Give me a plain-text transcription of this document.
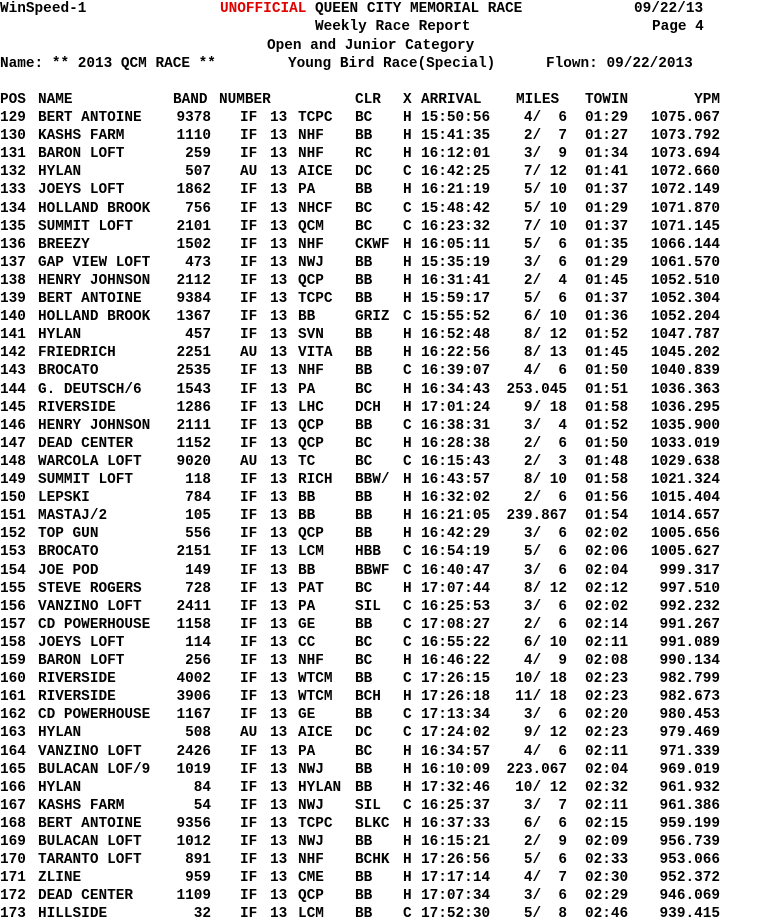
WinSpeed-1	UNOFFICIAL QUEEN CITY MEMORIAL RACE	09/22/13
Weekly Race Report	Page 4
Open and Junior Category
Name: ** 2013 QCM RACE **	Young Bird Race(Special)	Flown: 09/22/2013
POS NAME	BAND NUMBER	CLR X ARRIVAL MILES TOWIN	YPM
129 BERT ANTOINE 9378 IF 13 TCPC BC H 15:50:56 4/  6 01:29 1075.067
130 KASHS FARM	1110 IF 13 NHF BB H 15:41:35 2/  7 01:27 1073.792
131 BARON LOFT	259 IF 13 NHF RC H 16:12:01 3/  9 01:34 1073.694
132 HYLAN	507 AU 13 AICE DC C 16:42:25 7/ 12 01:41 1072.660
133 JOEYS LOFT	1862 IF 13 PA	BB H 16:21:19 5/ 10 01:37 1072.149
134 HOLLAND BROOK 756 IF 13 NHCF BC C 15:48:42 5/ 10 01:29 1071.870
135 SUMMIT LOFT	2101 IF 13 QCM BC C 16:23:32 7/ 10 01:37 1071.145
136 BREEZY	1502 IF 13 NHF CKWF H 16:05:11 5/  6 01:35 1066.144
137 GAP VIEW LOFT 473 IF 13 NWJ BB H 15:35:19 3/  6 01:29 1061.570
138 HENRY JOHNSON 2112 IF 13 QCP BB H 16:31:41 2/  4 01:45 1052.510
139 BERT ANTOINE 9384 IF 13 TCPC BB H 15:59:17 5/  6 01:37 1052.304
140 HOLLAND BROOK 1367 IF 13 BB	GRIZ C 15:55:52 6/ 10 01:36 1052.204
141 HYLAN	457 IF 13 SVN BB H 16:52:48 8/ 12 01:52 1047.787
142 FRIEDRICH	2251 AU 13 VITA BB H 16:22:56 8/ 13 01:45 1045.202
143 BROCATO	2535 IF 13 NHF BB C 16:39:07 4/  6 01:50 1040.839
144 G. DEUTSCH/6 1543 IF 13 PA	BC H 16:34:43 253.045 01:51 1036.363
145 RIVERSIDE	1286 IF 13 LHC DCH H 17:01:24 9/ 18 01:58 1036.295
146 HENRY JOHNSON 2111 IF 13 QCP BB C 16:38:31 3/  4 01:52 1035.900
147 DEAD CENTER	1152 IF 13 QCP BC H 16:28:38 2/  6 01:50 1033.019
148 WARCOLA LOFT 9020 AU 13 TC	BC C 16:15:43 2/  3 01:48 1029.638
149 SUMMIT LOFT	118 IF 13 RICH BBW/ H 16:43:57 8/ 10 01:58 1021.324
150 LEPSKI	784 IF 13 BB	BB H 16:32:02 2/  6 01:56 1015.404
151 MASTAJ/2	105 IF 13 BB	BB H 16:21:05 239.867 01:54 1014.657
152 TOP GUN	556 IF 13 QCP BB H 16:42:29 3/  6 02:02 1005.656
153 BROCATO	2151 IF 13 LCM HBB C 16:54:19 5/  6 02:06 1005.627
154 JOE POD	149 IF 13 BB	BBWF C 16:40:47 3/  6 02:04 999.317
155 STEVE ROGERS	728 IF 13 PAT BC H 17:07:44 8/ 12 02:12 997.510
156 VANZINO LOFT 2411 IF 13 PA	SIL C 16:25:53 3/  6 02:02 992.232
157 CD POWERHOUSE 1158 IF 13 GE	BB C 17:08:27 2/  6 02:14 991.267
158 JOEYS LOFT	114 IF 13 CC	BC C 16:55:22 6/ 10 02:11 991.089
159 BARON LOFT	256 IF 13 NHF BC H 16:46:22 4/  9 02:08 990.134
160 RIVERSIDE	4002 IF 13 WTCM BB C 17:26:15 10/ 18 02:23 982.799
161 RIVERSIDE	3906 IF 13 WTCM BCH H 17:26:18 11/ 18 02:23 982.673
162 CD POWERHOUSE 1167 IF 13 GE	BB C 17:13:34 3/  6 02:20 980.453
163 HYLAN	508 AU 13 AICE DC C 17:24:02 9/ 12 02:23 979.469
164 VANZINO LOFT 2426 IF 13 PA	BC H 16:34:57 4/  6 02:11 971.339
165 BULACAN LOF/9 1019 IF 13 NWJ BB H 16:10:09 223.067 02:04 969.019
166 HYLAN	84 IF 13 HYLAN BB H 17:32:46 10/ 12 02:32 961.932
167 KASHS FARM	54 IF 13 NWJ SIL C 16:25:37 3/  7 02:11 961.386
168 BERT ANTOINE 9356 IF 13 TCPC BLKC H 16:37:33 6/  6 02:15 959.199
169 BULACAN LOFT 1012 IF 13 NWJ BB H 16:15:21 2/  9 02:09 956.739
170 TARANTO LOFT	891 IF 13 NHF BCHK H 17:26:56 5/  6 02:33 953.066
171 ZLINE	959 IF 13 CME BB H 17:17:14 4/  7 02:30 952.372
172 DEAD CENTER	1109 IF 13 QCP BB H 17:07:34 3/  6 02:29 946.069
173 HILLSIDE	32 IF 13 LCM BB C 17:52:30 5/  8 02:46 939.415
